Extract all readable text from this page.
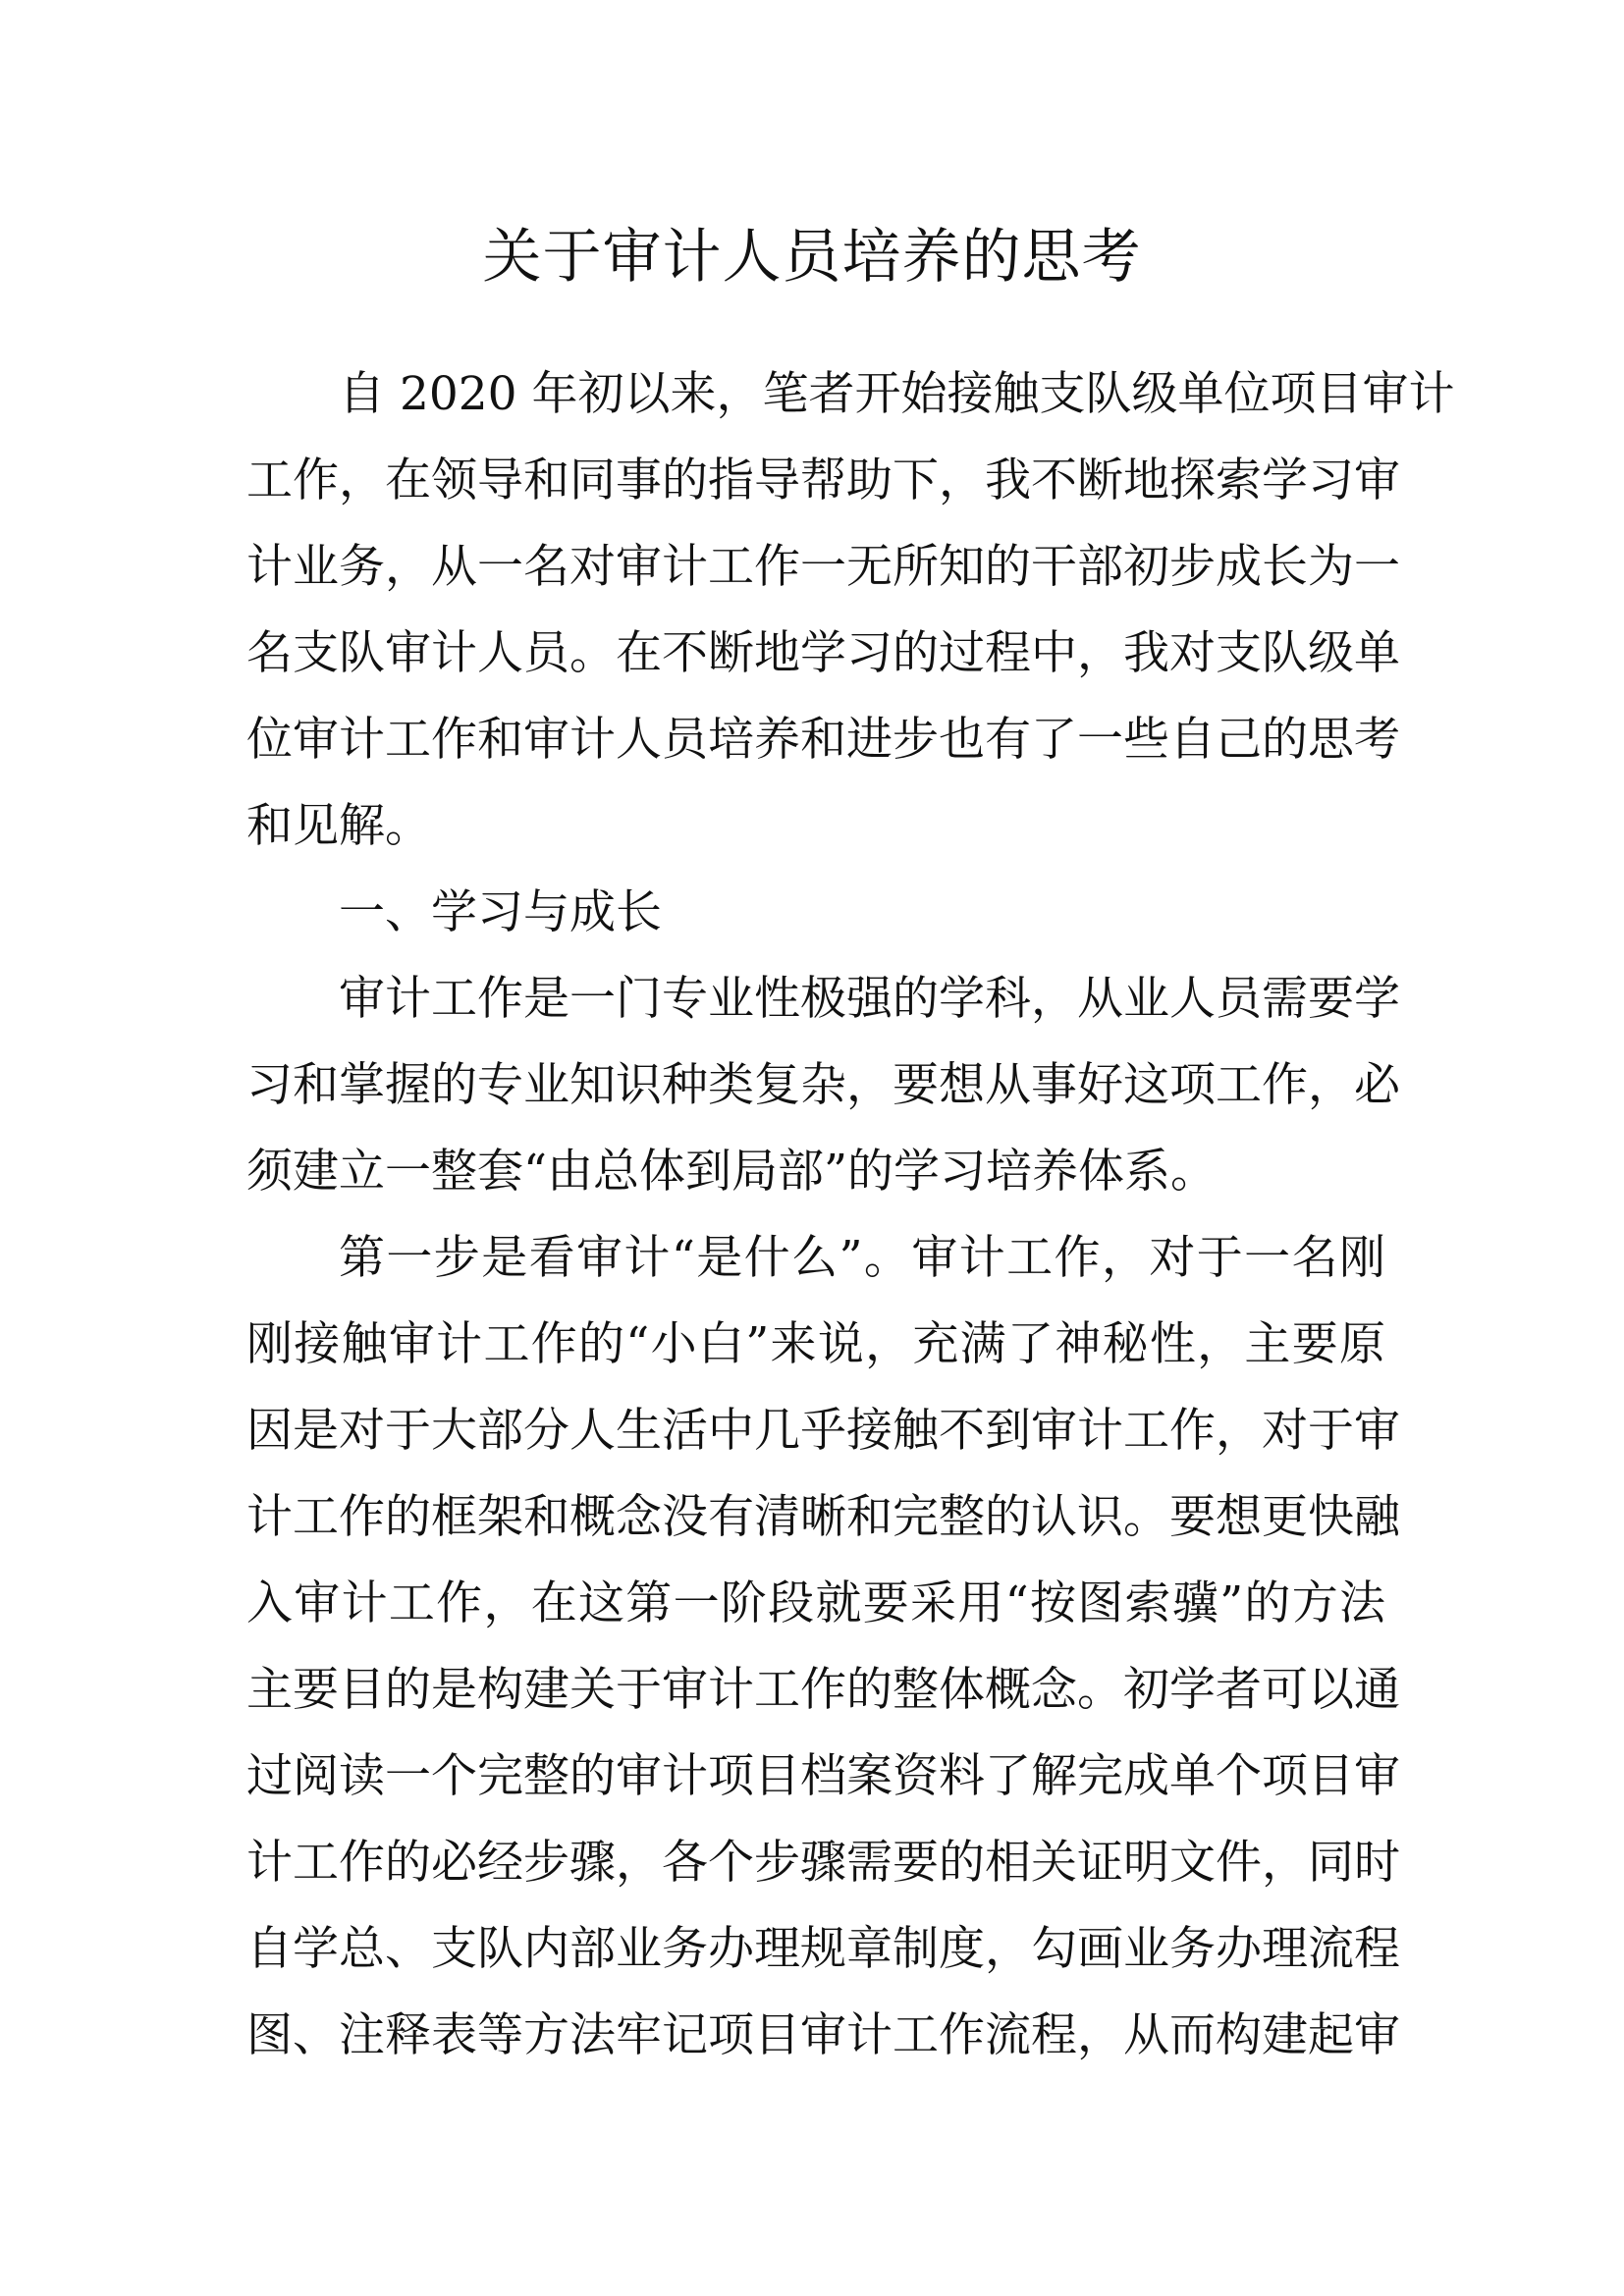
关于审计人员培养的思考
自 2020 年初以来，笔者开始接触支队级单位项目审计
工作，在领导和同事的指导帮助下，我不断地探索学习审
计业务，从一名对审计工作一无所知的干部初步成长为一
名支队审计人员。在不断地学习的过程中，我对支队级单
位审计工作和审计人员培养和进步也有了一些自己的思考
和见解。
一、学习与成长
审计工作是一门专业性极强的学科，从业人员需要学
习和掌握的专业知识种类复杂，要想从事好这项工作，必
须建立一整套“由总体到局部”的学习培养体系。
第一步是看审计“是什么”。审计工作，对于一名刚
刚接触审计工作的“小白”来说，充满了神秘性，主要原
因是对于大部分人生活中几乎接触不到审计工作，对于审
计工作的框架和概念没有清晰和完整的认识。要想更快融
入审计工作，在这第一阶段就要采用“按图索骥”的方法
主要目的是构建关于审计工作的整体概念。初学者可以通
过阅读一个完整的审计项目档案资料了解完成单个项目审
计工作的必经步骤，各个步骤需要的相关证明文件，同时
自学总、支队内部业务办理规章制度，勾画业务办理流程
图、注释表等方法牢记项目审计工作流程，从而构建起审
